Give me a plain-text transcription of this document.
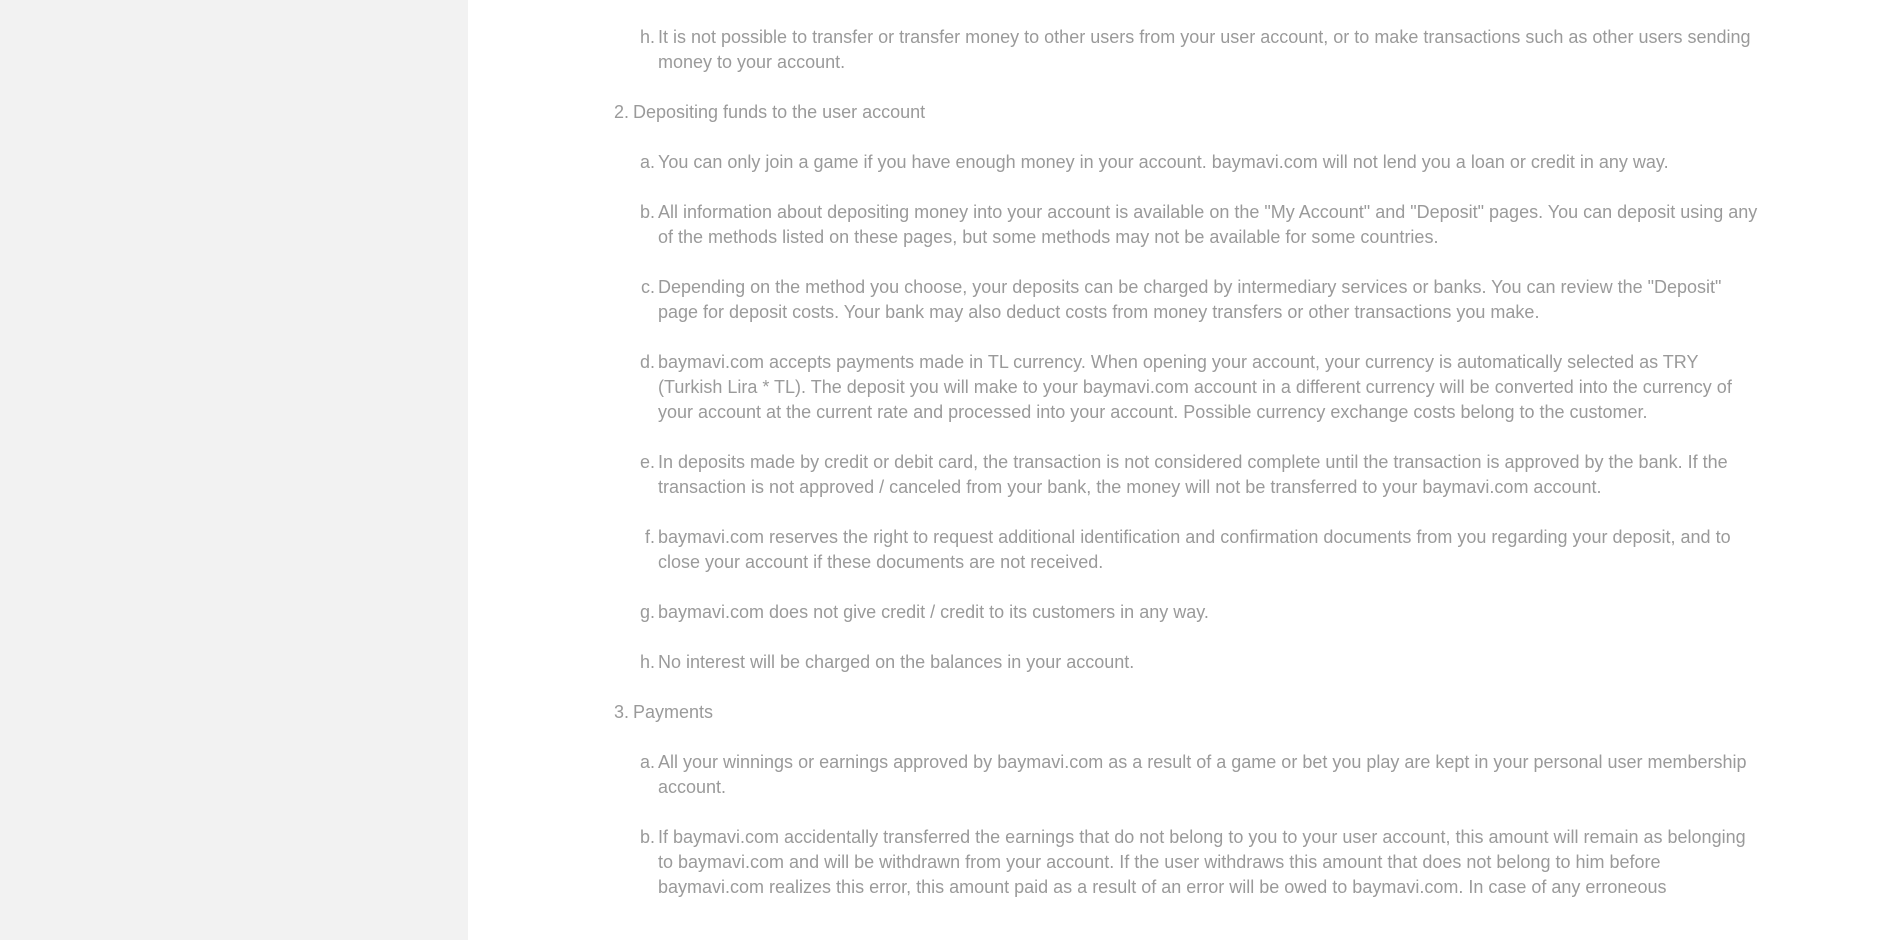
h. It is not possible to transfer or transfer money to other users from your user account, or to make transactions such as other users sending money to your account.
2. Depositing funds to the user account
a. You can only join a game if you have enough money in your account. baymavi.com will not lend you a loan or credit in any way.
b. All information about depositing money into your account is available on the "My Account" and "Deposit" pages. You can deposit using any of the methods listed on these pages, but some methods may not be available for some countries.
c. Depending on the method you choose, your deposits can be charged by intermediary services or banks. You can review the "Deposit" page for deposit costs. Your bank may also deduct costs from money transfers or other transactions you make.
d. baymavi.com accepts payments made in TL currency. When opening your account, your currency is automatically selected as TRY (Turkish Lira * TL). The deposit you will make to your baymavi.com account in a different currency will be converted into the currency of your account at the current rate and processed into your account. Possible currency exchange costs belong to the customer.
e. In deposits made by credit or debit card, the transaction is not considered complete until the transaction is approved by the bank. If the transaction is not approved / canceled from your bank, the money will not be transferred to your baymavi.com account.
f. baymavi.com reserves the right to request additional identification and confirmation documents from you regarding your deposit, and to close your account if these documents are not received.
g. baymavi.com does not give credit / credit to its customers in any way.
h. No interest will be charged on the balances in your account.
3. Payments
a. All your winnings or earnings approved by baymavi.com as a result of a game or bet you play are kept in your personal user membership account.
b. If baymavi.com accidentally transferred the earnings that do not belong to you to your user account, this amount will remain as belonging to baymavi.com and will be withdrawn from your account. If the user withdraws this amount that does not belong to him before baymavi.com realizes this error, this amount paid as a result of an error will be owed to baymavi.com. In case of any erroneous
